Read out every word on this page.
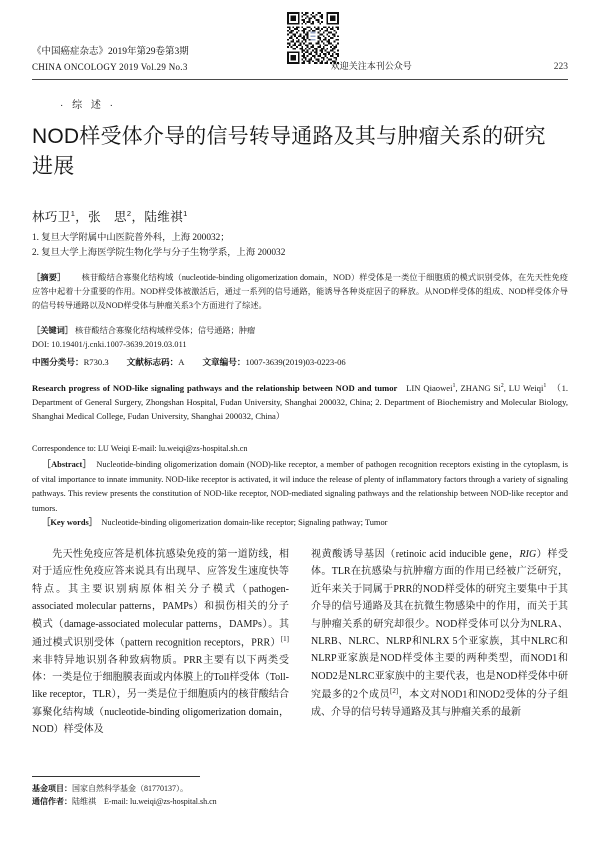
《中国癌症杂志》2019年第29卷第3期
CHINA ONCOLOGY 2019 Vol.29 No.3	欢迎关注本刊公众号	223
· 综 述 ·
NOD样受体介导的信号转导通路及其与肿瘤关系的研究进展
林巧卫$^1$，张　思$^2$，陆维祺$^1$
1. 复旦大学附属中山医院普外科，上海 200032；
2. 复旦大学上海医学院生物化学与分子生物学系，上海 200032
［摘要］ 核苷酸结合寡聚化结构域（nucleotide-binding oligomerization domain，NOD）样受体是一类位于细胞质的模式识别受体，在先天性免疫应答中起着十分重要的作用。NOD样受体被激活后，通过一系列的信号通路，能诱导各种炎症因子的释放。从NOD样受体的组成、NOD样受体介导的信号转导通路以及NOD样受体与肿瘤关系3个方面进行了综述。
［关键词］ 核苷酸结合寡聚化结构域样受体；信号通路；肿瘤
DOI: 10.19401/j.cnki.1007-3639.2019.03.011
中图分类号：R730.3 文献标志码：A 文章编号：1007-3639(2019)03-0223-06
Research progress of NOD-like signaling pathways and the relationship between NOD and tumor LIN Qiaowei$^1$, ZHANG Si$^2$, LU Weiqi$^1$ （1. Department of General Surgery, Zhongshan Hospital, Fudan University, Shanghai 200032, China; 2. Department of Biochemistry and Molecular Biology, Shanghai Medical College, Fudan University, Shanghai 200032, China）
Correspondence to: LU Weiqi E-mail: lu.weiqi@zs-hospital.sh.cn
［Abstract］ Nucleotide-binding oligomerization domain (NOD)-like receptor, a member of pathogen recognition receptors existing in the cytoplasm, is of vital importance to innate immunity. NOD-like receptor is activated, it wil induce the release of plenty of inflammatory factors through a variety of signaling pathways. This review presents the constitution of NOD-like receptor, NOD-mediated signaling pathways and the relationship between NOD-like receptor and tumors.
［Key words］ Nucleotide-binding oligomerization domain-like receptor; Signaling pathway; Tumor

先天性免疫应答是机体抗感染免疫的第一道防线，相对于适应性免疫应答来说具有出现早、应答发生速度快等特点。其主要识别病原体相关分子模式（pathogen-associated molecular patterns，PAMPs）和损伤相关的分子模式（damage-associated molecular patterns，DAMPs）。其通过模式识别受体（pattern recognition receptors，PRR）[1]来非特异地识别各种致病物质。PRR主要有以下两类受体：一类是位于细胞膜表面或内体膜上的Toll样受体（Toll-like receptor，TLR），另一类是位于细胞质内的核苷酸结合寡聚化结构域（nucleotide-binding oligomerization domain，NOD）样受体及

视黄酸诱导基因（retinoic acid inducible gene，RIG）样受体。TLR在抗感染与抗肿瘤方面的作用已经被广泛研究，近年来关于同属于PRR的NOD样受体的研究主要集中于其介导的信号通路及其在抗微生物感染中的作用，而关于其与肿瘤关系的研究却很少。NOD样受体可以分为NLRA、NLRB、NLRC、NLRP和NLRX 5个亚家族，其中NLRC和NLRP亚家族是NOD样受体主要的两种类型，而NOD1和NOD2是NLRC亚家族中的主要代表，也是NOD样受体中研究最多的2个成员[2]，本文对NOD1和NOD2受体的分子组成、介导的信号转导通路及其与肿瘤关系的最新

基金项目：国家自然科学基金（81770137）。
通信作者：陆维祺　E-mail: lu.weiqi@zs-hospital.sh.cn
